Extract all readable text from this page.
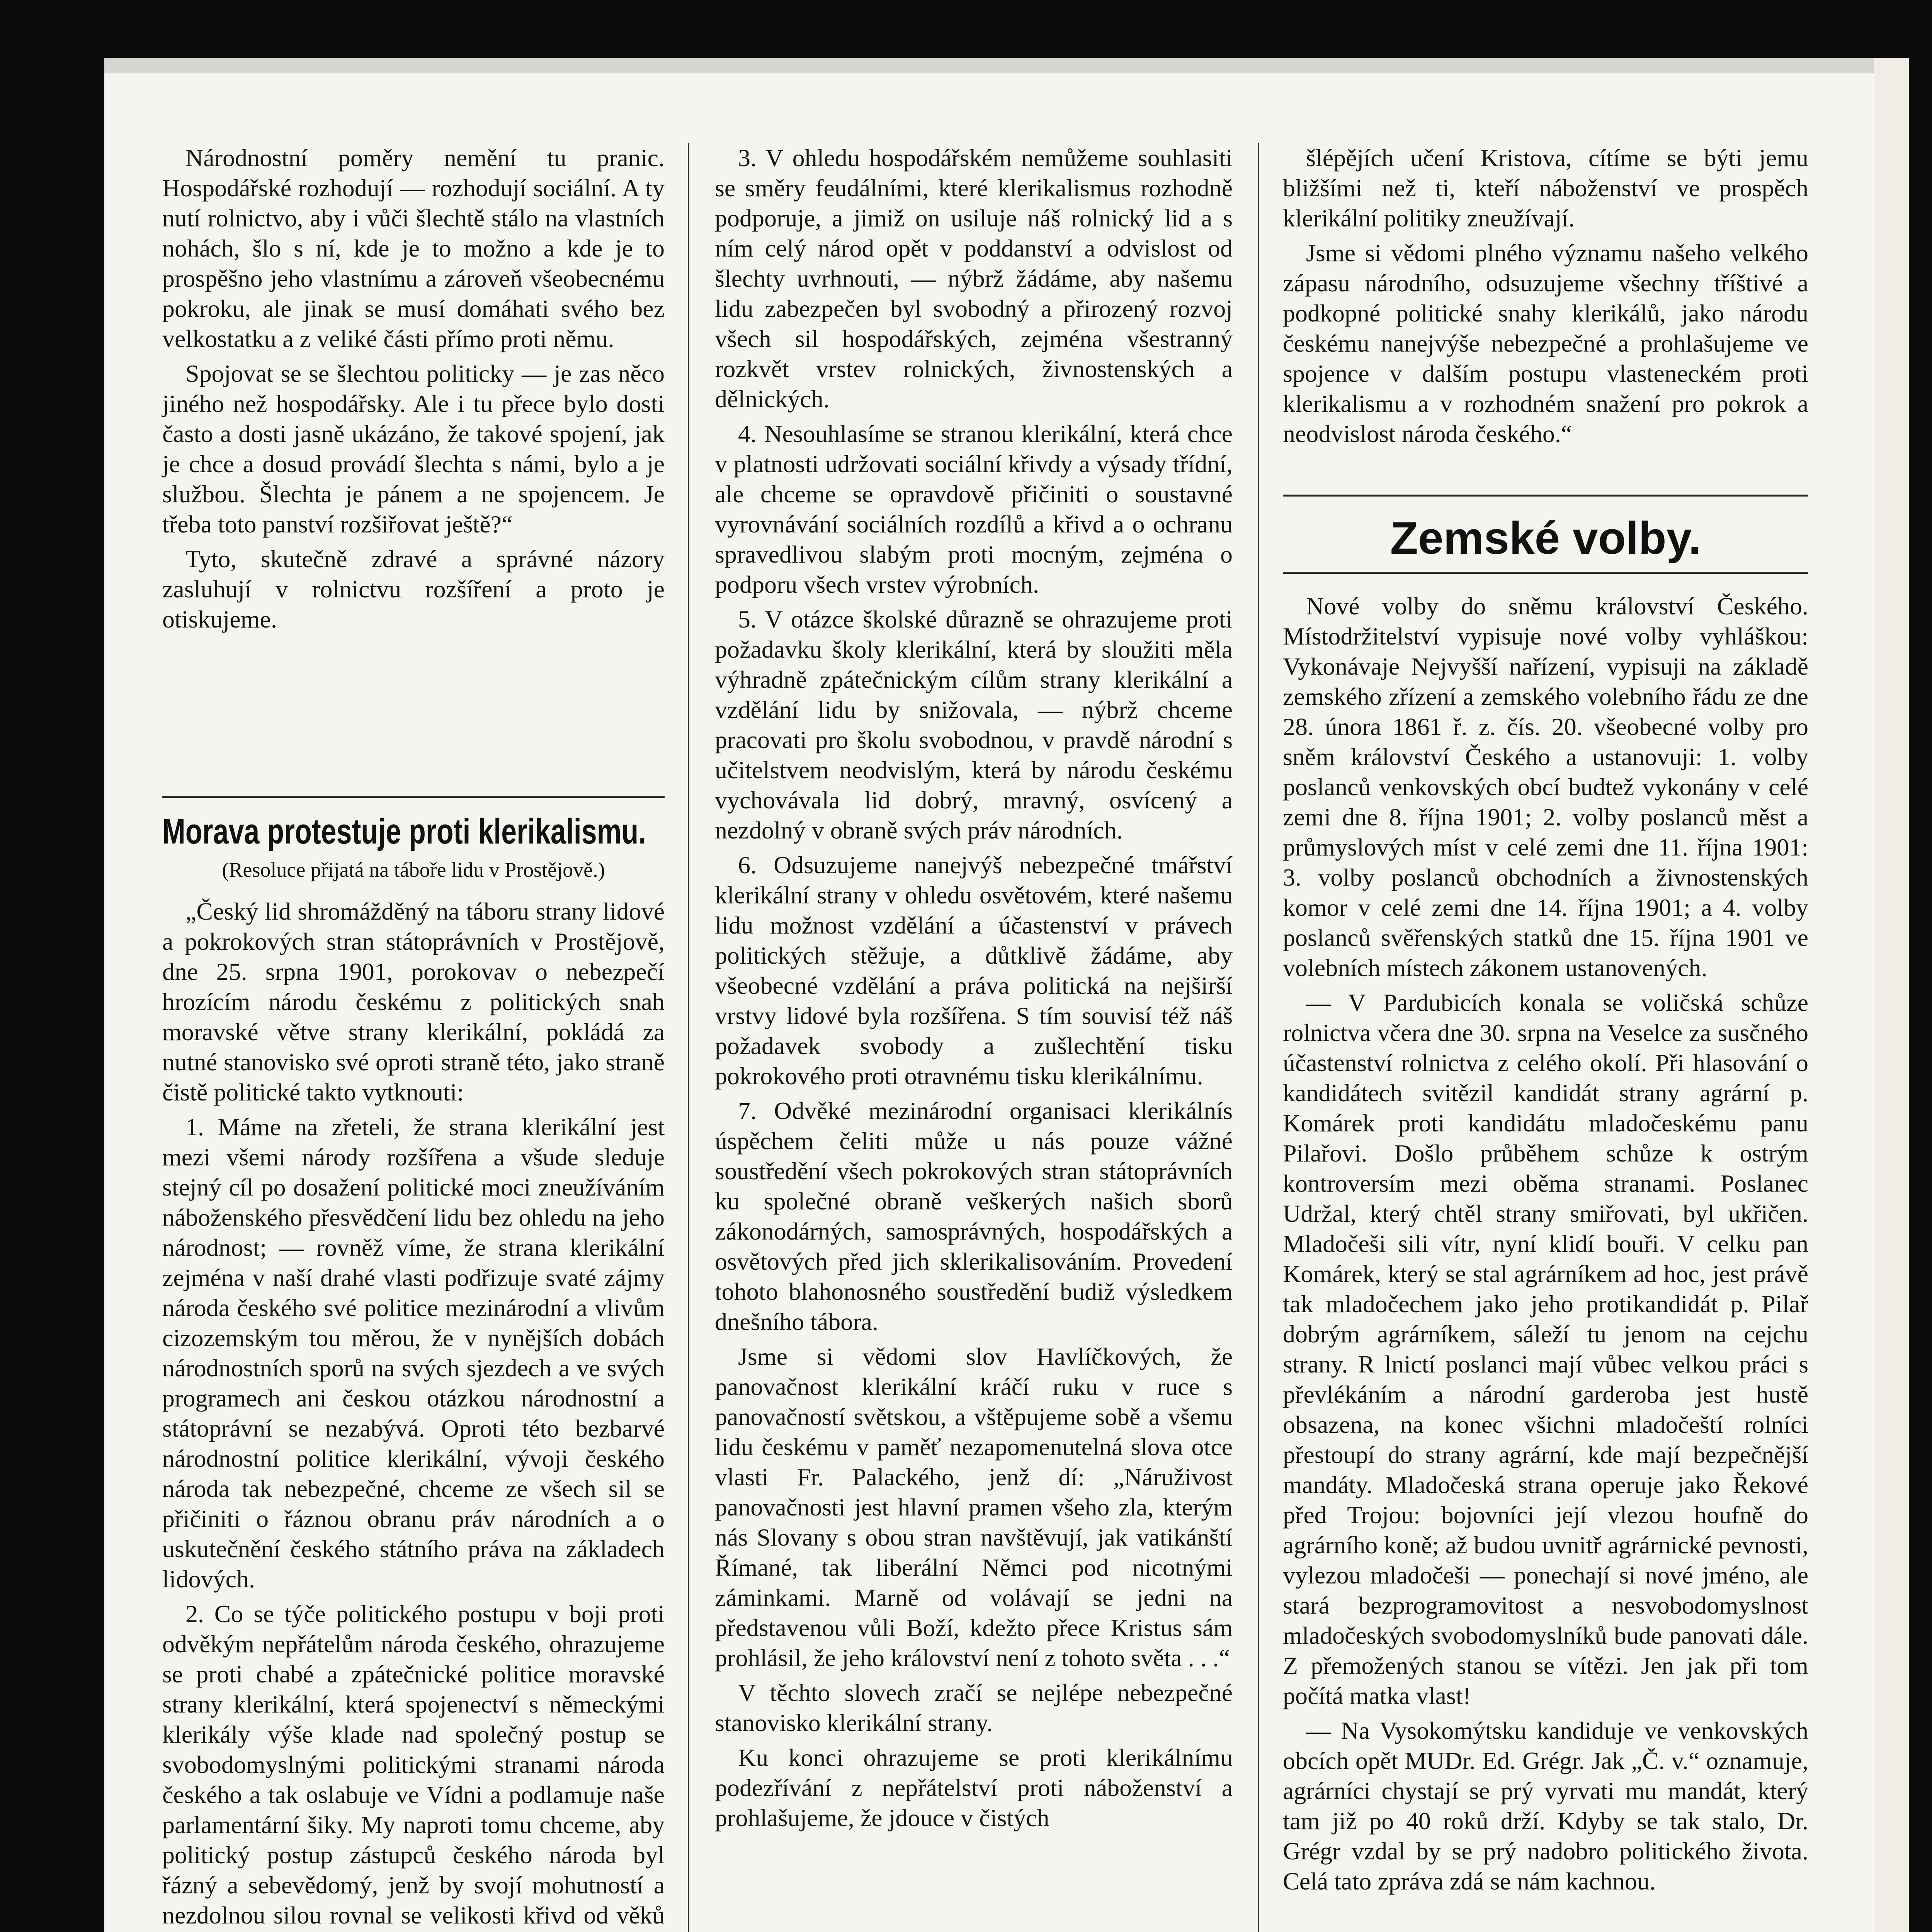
Národnostní poměry nemění tu pranic. Hospodářské rozhodují — rozhodují sociální. A ty nutí rolnictvo, aby i vůči šlechtě stálo na vlastních nohách, šlo s ní, kde je to možno a kde je to prospěšno jeho vlastnímu a zároveň všeobecnému pokroku, ale jinak se musí domáhati svého bez velkostatku a z veliké části přímo proti němu.

Spojovat se se šlechtou politicky — je zas něco jiného než hospodářsky. Ale i tu přece bylo dosti často a dosti jasně ukázáno, že takové spojení, jak je chce a dosud provádí šlechta s námi, bylo a je službou. Šlechta je pánem a ne spojencem. Je třeba toto panství rozšiřovat ještě?“

Tyto, skutečně zdravé a správné názory zasluhují v rolnictvu rozšíření a proto je otiskujeme.

Morava protestuje proti klerikalismu.
(Resoluce přijatá na táboře lidu v Prostějově.)

„Český lid shromážděný na táboru strany lidové a pokrokových stran státoprávních v Prostějově, dne 25. srpna 1901, porokovav o nebezpečí hrozícím národu českému z politických snah moravské větve strany klerikální, pokládá za nutné stanovisko své oproti straně této, jako straně čistě politické takto vytknouti:

1. Máme na zřeteli, že strana klerikální jest mezi všemi národy rozšířena a všude sleduje stejný cíl po dosažení politické moci zneužíváním náboženského přesvědčení lidu bez ohledu na jeho národnost; — rovněž víme, že strana klerikální zejména v naší drahé vlasti podřizuje svaté zájmy národa českého své politice mezinárodní a vlivům cizozemským tou měrou, že v nynějších dobách národnostních sporů na svých sjezdech a ve svých programech ani českou otázkou národnostní a státoprávní se nezabývá. Oproti této bezbarvé národnostní politice klerikální, vývoji českého národa tak nebezpečné, chceme ze všech sil se přičiniti o řáznou obranu práv národních a o uskutečnění českého státního práva na základech lidových.

2. Co se týče politického postupu v boji proti odvěkým nepřátelům národa českého, ohrazujeme se proti chabé a zpátečnické politice moravské strany klerikální, která spojenectví s německými klerikály výše klade nad společný postup se svobodomyslnými politickými stranami národa českého a tak oslabuje ve Vídni a podlamuje naše parlamentární šiky. My naproti tomu chceme, aby politický postup zástupců českého národa byl řázný a sebevědomý, jenž by svojí mohutností a nezdolnou silou rovnal se velikosti křivd od věků

3. V ohledu hospodářském nemůžeme souhlasiti se směry feudálními, které klerikalismus rozhodně podporuje, a jimiž on usiluje náš rolnický lid a s ním celý národ opět v poddanství a odvislost od šlechty uvrhnouti, — nýbrž žádáme, aby našemu lidu zabezpečen byl svobodný a přirozený rozvoj všech sil hospodářských, zejména všestranný rozkvět vrstev rolnických, živnostenských a dělnických.

4. Nesouhlasíme se stranou klerikální, která chce v platnosti udržovati sociální křivdy a výsady třídní, ale chceme se opravdově přičiniti o soustavné vyrovnávání sociálních rozdílů a křivd a o ochranu spravedlivou slabým proti mocným, zejména o podporu všech vrstev výrobních.

5. V otázce školské důrazně se ohrazujeme proti požadavku školy klerikální, která by sloužiti měla výhradně zpátečnickým cílům strany klerikální a vzdělání lidu by snižovala, — nýbrž chceme pracovati pro školu svobodnou, v pravdě národní s učitelstvem neodvislým, která by národu českému vychovávala lid dobrý, mravný, osvícený a nezdolný v obraně svých práv národních.

6. Odsuzujeme nanejvýš nebezpečné tmářství klerikální strany v ohledu osvětovém, které našemu lidu možnost vzdělání a účastenství v právech politických stěžuje, a důtklivě žádáme, aby všeobecné vzdělání a práva politická na nejširší vrstvy lidové byla rozšířena. S tím souvisí též náš požadavek svobody a zušlechtění tisku pokrokového proti otravnému tisku klerikálnímu.

7. Odvěké mezinárodní organisaci klerikálnís úspěchem čeliti může u nás pouze vážné soustředění všech pokrokových stran státoprávních ku společné obraně veškerých našich sborů zákonodárných, samosprávných, hospodářských a osvětových před jich sklerikalisováním. Provedení tohoto blahonosného soustředění budiž výsledkem dnešního tábora.

Jsme si vědomi slov Havlíčkových, že panovačnost klerikální kráčí ruku v ruce s panovačností světskou, a vštěpujeme sobě a všemu lidu českému v paměť nezapomenutelná slova otce vlasti Fr. Palackého, jenž dí: „Náruživost panovačnosti jest hlavní pramen všeho zla, kterým nás Slovany s obou stran navštěvují, jak vatikánští Římané, tak liberální Němci pod nicotnými záminkami. Marně od volávají se jedni na představenou vůli Boží, kdežto přece Kristus sám prohlásil, že jeho království není z tohoto světa . . .“

V těchto slovech zračí se nejlépe nebezpečné stanovisko klerikální strany.

Ku konci ohrazujeme se proti klerikálnímu podezřívání z nepřátelství proti náboženství a prohlašujeme, že jdouce v čistých

šlépějích učení Kristova, cítíme se býti jemu bližšími než ti, kteří náboženství ve prospěch klerikální politiky zneužívají.

Jsme si vědomi plného významu našeho velkého zápasu národního, odsuzujeme všechny tříštivé a podkopné politické snahy klerikálů, jako národu českému nanejvýše nebezpečné a prohlašujeme ve spojence v dalším postupu vlasteneckém proti klerikalismu a v rozhodném snažení pro pokrok a neodvislost národa českého.“

Zemské volby.

Nové volby do sněmu království Českého. Místodržitelství vypisuje nové volby vyhláškou: Vykonávaje Nejvyšší nařízení, vypisuji na základě zemského zřízení a zemského volebního řádu ze dne 28. února 1861 ř. z. čís. 20. všeobecné volby pro sněm království Českého a ustanovuji: 1. volby poslanců venkovských obcí budtež vykonány v celé zemi dne 8. října 1901; 2. volby poslanců měst a průmyslových míst v celé zemi dne 11. října 1901: 3. volby poslanců obchodních a živnostenských komor v celé zemi dne 14. října 1901; a 4. volby poslanců svěřenských statků dne 15. října 1901 ve volebních místech zákonem ustanovených.

— V Pardubicích konala se voličská schůze rolnictva včera dne 30. srpna na Veselce za susčného účastenství rolnictva z celého okolí. Při hlasování o kandidátech svitězil kandidát strany agrární p. Komárek proti kandidátu mladočeskému panu Pilařovi. Došlo průběhem schůze k ostrým kontroversím mezi oběma stranami. Poslanec Udržal, který chtěl strany smiřovati, byl ukřičen. Mladočeši sili vítr, nyní klidí bouři. V celku pan Komárek, který se stal agrárníkem ad hoc, jest právě tak mladočechem jako jeho protikandidát p. Pilař dobrým agrárníkem, sáleží tu jenom na cejchu strany. R lnictí poslanci mají vůbec velkou práci s převlékáním a národní garderoba jest hustě obsazena, na konec všichni mladočeští rolníci přestoupí do strany agrární, kde mají bezpečnější mandáty. Mladočeská strana operuje jako Řekové před Trojou: bojovníci její vlezou houfně do agrárního koně; až budou uvnitř agrárnické pevnosti, vylezou mladočeši — ponechají si nové jméno, ale stará bezprogramovitost a nesvobodomyslnost mladočeských svobodomyslníků bude panovati dále. Z přemožených stanou se vítězi. Jen jak při tom počítá matka vlast!

— Na Vysokomýtsku kandiduje ve venkovských obcích opět MUDr. Ed. Grégr. Jak „Č. v.“ oznamuje, agrárníci chystají se prý vyrvati mu mandát, který tam již po 40 roků drží. Kdyby se tak stalo, Dr. Grégr vzdal by se prý nadobro politického života. Celá tato zpráva zdá se nám kachnou.
